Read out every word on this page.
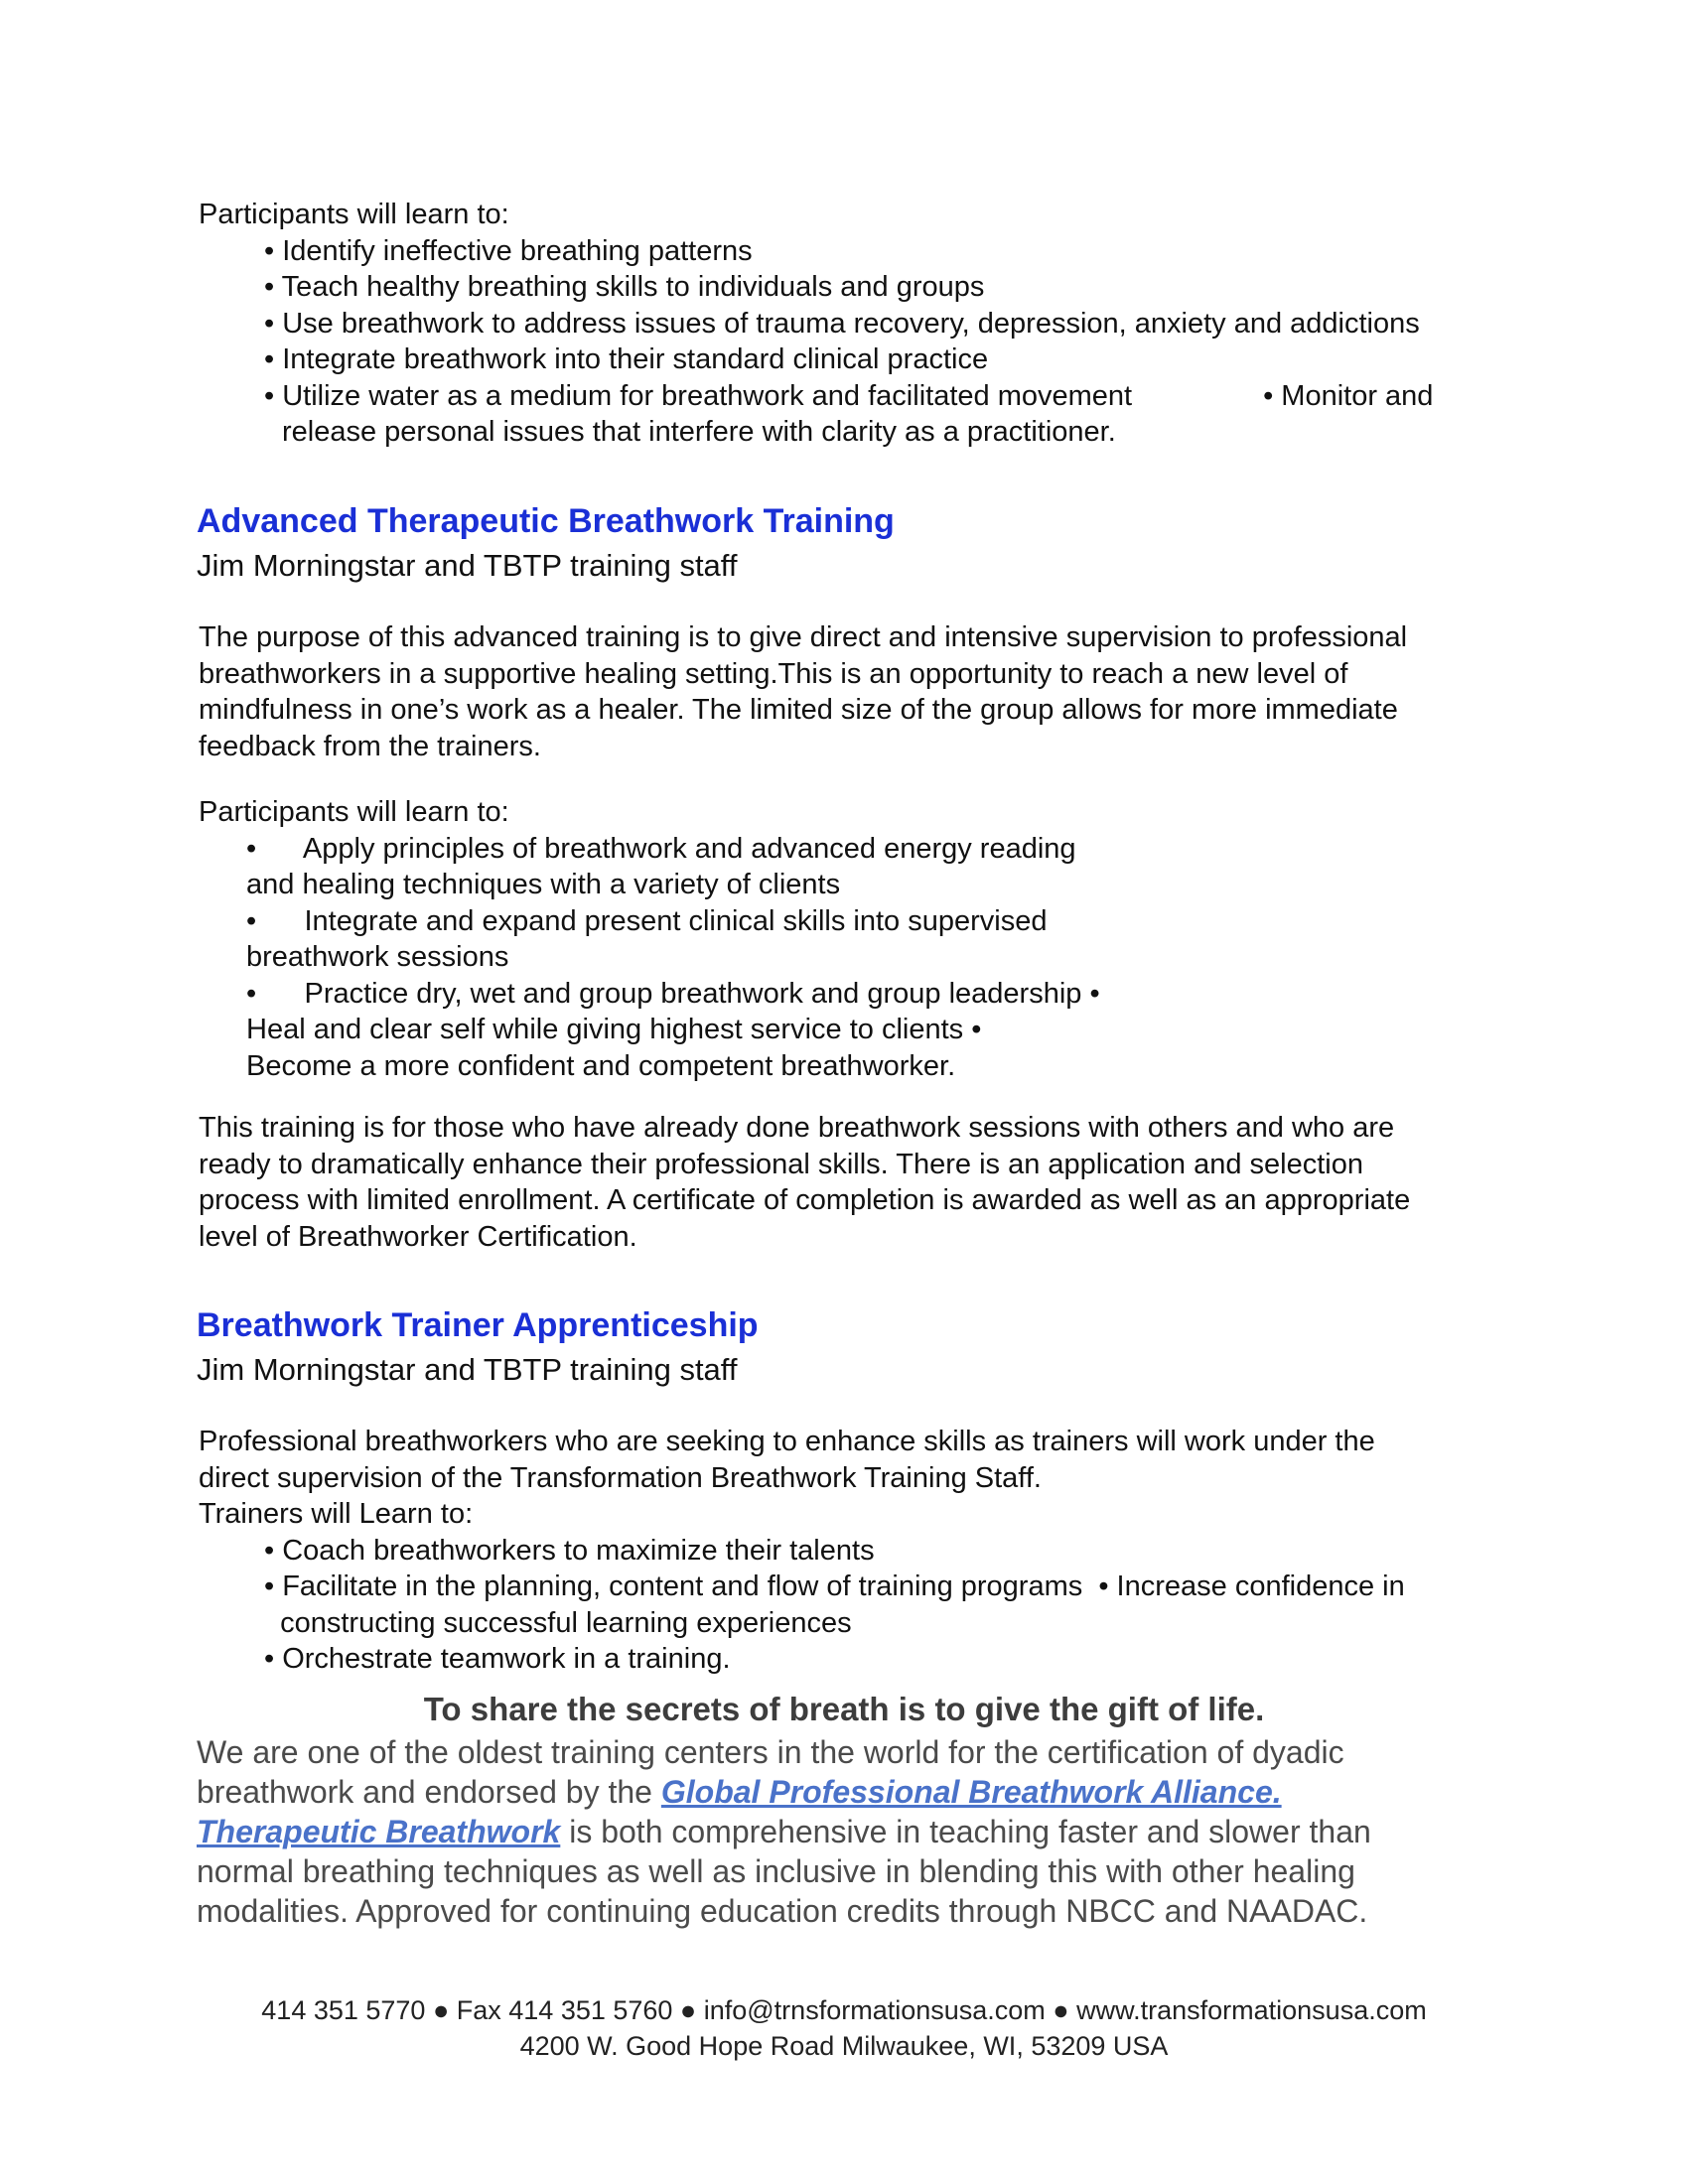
Participants will learn to:

• Identify ineffective breathing patterns
• Teach healthy breathing skills to individuals and groups
• Use breathwork to address issues of trauma recovery, depression, anxiety and addictions
• Integrate breathwork into their standard clinical practice
• Utilize water as a medium for breathwork and facilitated movement	• Monitor and
release personal issues that interfere with clarity as a practitioner.
Advanced Therapeutic Breathwork Training
Jim Morningstar and TBTP training staff

The purpose of this advanced training is to give direct and intensive supervision to professional

breathworkers in a supportive healing setting.This is an opportunity to reach a new level of

mindfulness in one’s work as a healer. The limited size of the group allows for more immediate

feedback from the trainers.

Participants will learn to:

•      Apply principles of breathwork and advanced energy reading
and healing techniques with a variety of clients
•      Integrate and expand present clinical skills into supervised
breathwork sessions
•      Practice dry, wet and group breathwork and group leadership •
Heal and clear self while giving highest service to clients •
Become a more confident and competent breathworker.

This training is for those who have already done breathwork sessions with others and who are

ready to dramatically enhance their professional skills. There is an application and selection

process with limited enrollment. A certificate of completion is awarded as well as an appropriate

level of Breathworker Certification.

Breathwork Trainer Apprenticeship
Jim Morningstar and TBTP training staff

Professional breathworkers who are seeking to enhance skills as trainers will work under the

direct supervision of the Transformation Breathwork Training Staff.

Trainers will Learn to:

• Coach breathworkers to maximize their talents
• Facilitate in the planning, content and flow of training programs  • Increase confidence in
constructing successful learning experiences
• Orchestrate teamwork in a training.
To share the secrets of breath is to give the gift of life.

We are one of the oldest training centers in the world for the certification of dyadic

breathwork and endorsed by the Global Professional Breathwork Alliance.

Therapeutic Breathwork is both comprehensive in teaching faster and slower than

normal breathing techniques as well as inclusive in blending this with other healing

modalities. Approved for continuing education credits through NBCC and NAADAC.

414 351 5770 ● Fax 414 351 5760 ● info@trnsformationsusa.com ● www.transformationsusa.com

4200 W. Good Hope Road Milwaukee, WI, 53209 USA
